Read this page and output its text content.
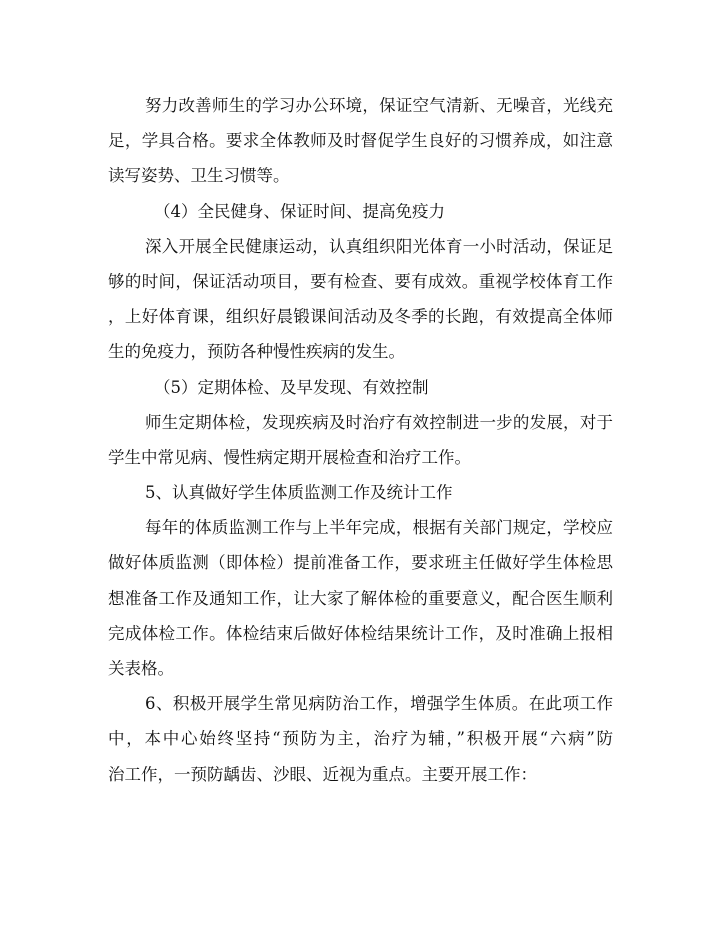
努力改善师生的学习办公环境，保证空气清新、无噪音，光线充
足，学具合格。要求全体教师及时督促学生良好的习惯养成，如注意
读写姿势、卫生习惯等。
（4）全民健身、保证时间、提高免疫力
深入开展全民健康运动，认真组织阳光体育一小时活动，保证足
够的时间，保证活动项目，要有检查、要有成效。重视学校体育工作
，上好体育课，组织好晨锻课间活动及冬季的长跑，有效提高全体师
生的免疫力，预防各种慢性疾病的发生。
（5）定期体检、及早发现、有效控制
师生定期体检，发现疾病及时治疗有效控制进一步的发展，对于
学生中常见病、慢性病定期开展检查和治疗工作。
5、认真做好学生体质监测工作及统计工作
每年的体质监测工作与上半年完成，根据有关部门规定，学校应
做好体质监测（即体检）提前准备工作，要求班主任做好学生体检思
想准备工作及通知工作，让大家了解体检的重要意义，配合医生顺利
完成体检工作。体检结束后做好体检结果统计工作，及时准确上报相
关表格。
6、积极开展学生常见病防治工作，增强学生体质。在此项工作
中，本中心始终坚持“预防为主，治疗为辅，”积极开展“六病”防
治工作，一预防龋齿、沙眼、近视为重点。主要开展工作：
